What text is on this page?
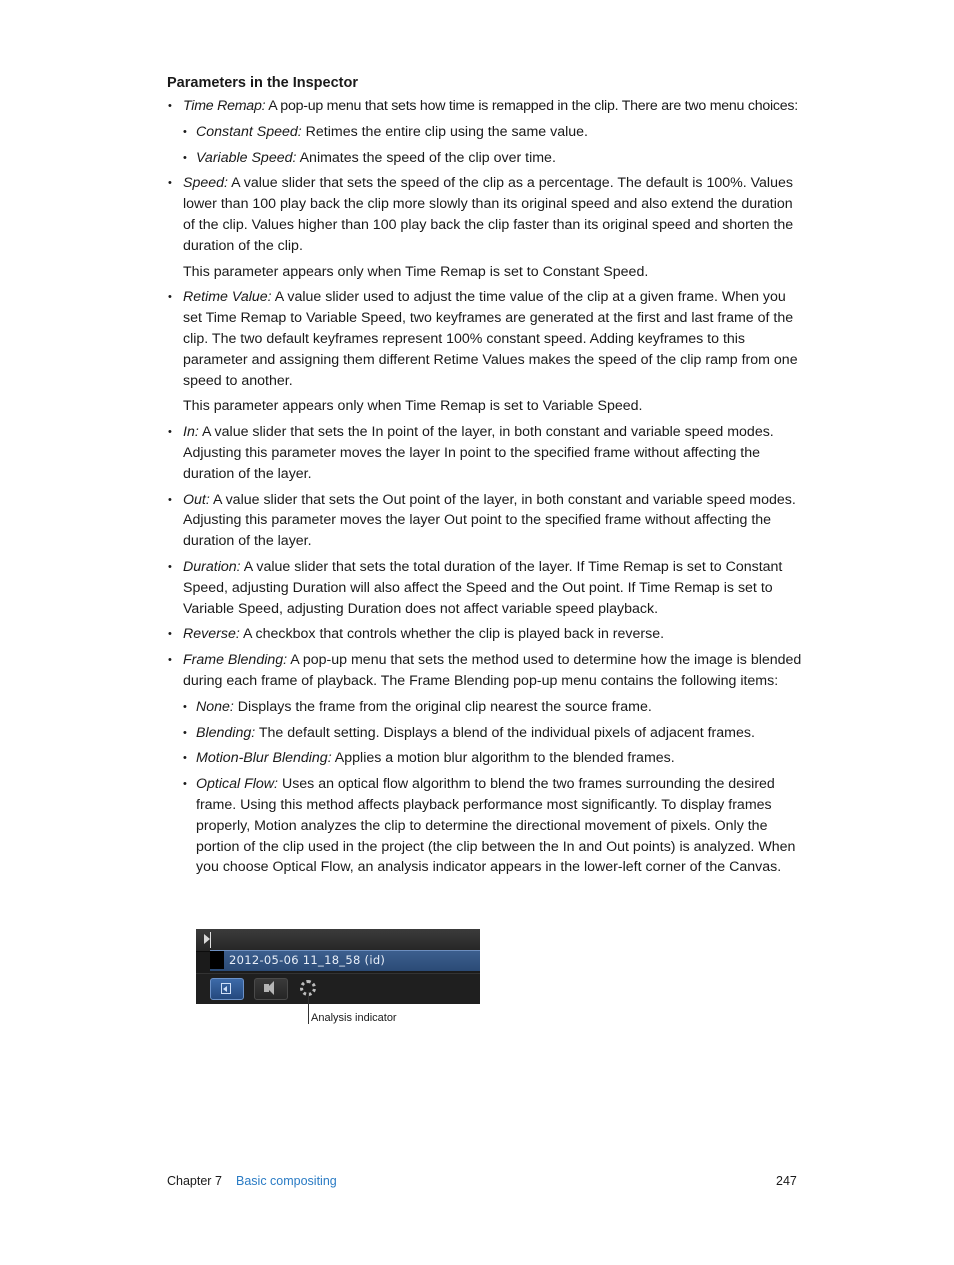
Parameters in the Inspector
• Time Remap: A pop-up menu that sets how time is remapped in the clip. There are two menu choices:
• Constant Speed: Retimes the entire clip using the same value.
• Variable Speed: Animates the speed of the clip over time.
• Speed: A value slider that sets the speed of the clip as a percentage. The default is 100%. Values lower than 100 play back the clip more slowly than its original speed and also extend the duration of the clip. Values higher than 100 play back the clip faster than its original speed and shorten the duration of the clip.
This parameter appears only when Time Remap is set to Constant Speed.
• Retime Value: A value slider used to adjust the time value of the clip at a given frame. When you set Time Remap to Variable Speed, two keyframes are generated at the first and last frame of the clip. The two default keyframes represent 100% constant speed. Adding keyframes to this parameter and assigning them different Retime Values makes the speed of the clip ramp from one speed to another.
This parameter appears only when Time Remap is set to Variable Speed.
• In: A value slider that sets the In point of the layer, in both constant and variable speed modes. Adjusting this parameter moves the layer In point to the specified frame without affecting the duration of the layer.
• Out: A value slider that sets the Out point of the layer, in both constant and variable speed modes. Adjusting this parameter moves the layer Out point to the specified frame without affecting the duration of the layer.
• Duration: A value slider that sets the total duration of the layer. If Time Remap is set to Constant Speed, adjusting Duration will also affect the Speed and the Out point. If Time Remap is set to Variable Speed, adjusting Duration does not affect variable speed playback.
• Reverse: A checkbox that controls whether the clip is played back in reverse.
• Frame Blending: A pop-up menu that sets the method used to determine how the image is blended during each frame of playback. The Frame Blending pop-up menu contains the following items:
• None: Displays the frame from the original clip nearest the source frame.
• Blending: The default setting. Displays a blend of the individual pixels of adjacent frames.
• Motion-Blur Blending: Applies a motion blur algorithm to the blended frames.
• Optical Flow: Uses an optical flow algorithm to blend the two frames surrounding the desired frame. Using this method affects playback performance most significantly. To display frames properly, Motion analyzes the clip to determine the directional movement of pixels. Only the portion of the clip used in the project (the clip between the In and Out points) is analyzed. When you choose Optical Flow, an analysis indicator appears in the lower-left corner of the Canvas.
2012-05-06 11_18_58 (id)
Analysis indicator
Chapter 7 Basic compositing	247
